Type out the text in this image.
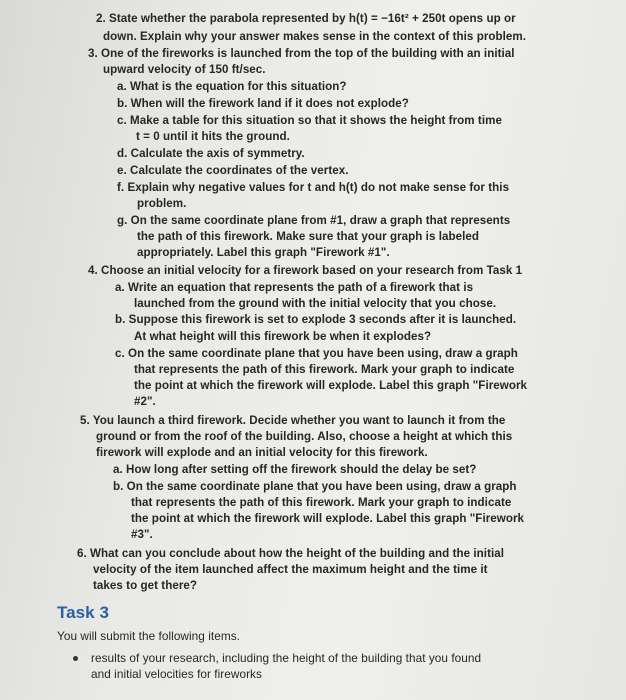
2. State whether the parabola represented by h(t) = −16t² + 250t opens up or
down. Explain why your answer makes sense in the context of this problem.
3. One of the fireworks is launched from the top of the building with an initial
upward velocity of 150 ft/sec.
a. What is the equation for this situation?
b. When will the firework land if it does not explode?
c. Make a table for this situation so that it shows the height from time
t = 0 until it hits the ground.
d. Calculate the axis of symmetry.
e. Calculate the coordinates of the vertex.
f. Explain why negative values for t and h(t) do not make sense for this
problem.
g. On the same coordinate plane from #1, draw a graph that represents
the path of this firework. Make sure that your graph is labeled
appropriately. Label this graph "Firework #1".
4. Choose an initial velocity for a firework based on your research from Task 1
a. Write an equation that represents the path of a firework that is
launched from the ground with the initial velocity that you chose.
b. Suppose this firework is set to explode 3 seconds after it is launched.
At what height will this firework be when it explodes?
c. On the same coordinate plane that you have been using, draw a graph
that represents the path of this firework. Mark your graph to indicate
the point at which the firework will explode. Label this graph "Firework
#2".
5. You launch a third firework. Decide whether you want to launch it from the
ground or from the roof of the building. Also, choose a height at which this
firework will explode and an initial velocity for this firework.
a. How long after setting off the firework should the delay be set?
b. On the same coordinate plane that you have been using, draw a graph
that represents the path of this firework. Mark your graph to indicate
the point at which the firework will explode. Label this graph "Firework
#3".
6. What can you conclude about how the height of the building and the initial
velocity of the item launched affect the maximum height and the time it
takes to get there?
Task 3
You will submit the following items.
results of your research, including the height of the building that you found
and initial velocities for fireworks
